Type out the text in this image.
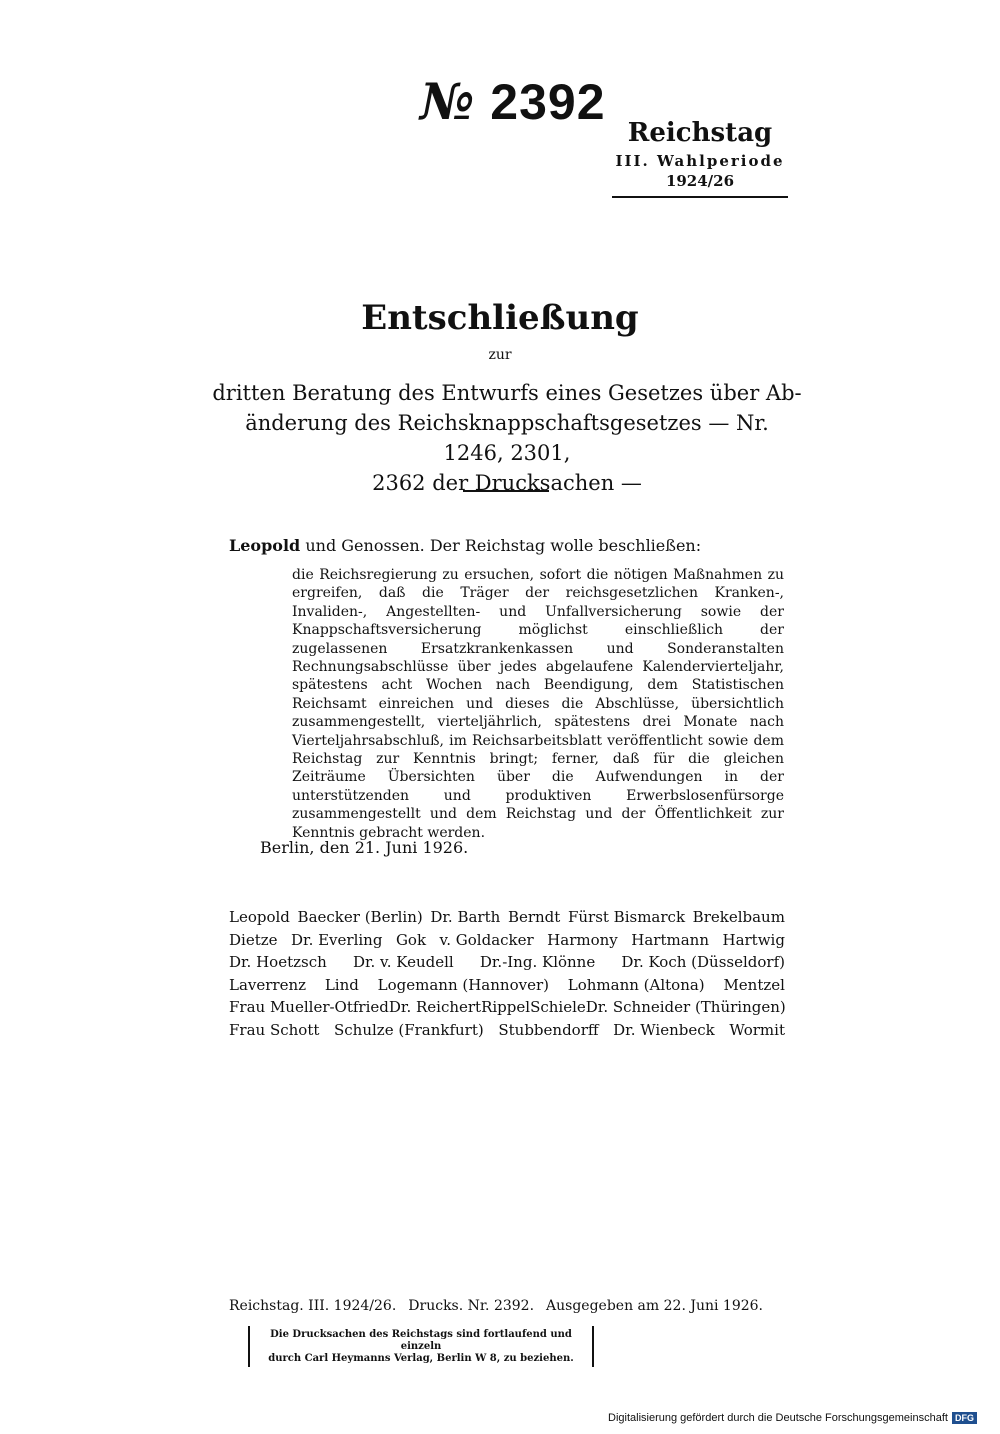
№ 2392
Reichstag
III. Wahlperiode
1924/26
Entschließung
zur
dritten Beratung des Entwurfs eines Gesetzes über Ab-
änderung des Reichsknappschaftsgesetzes — Nr. 1246, 2301,
2362 der Drucksachen —
Leopold und Genossen. Der Reichstag wolle beschließen:

die Reichsregierung zu ersuchen, sofort die nötigen Maßnahmen zu ergreifen, daß die Träger der reichsgesetzlichen Kranken-, Invaliden-, Angestellten- und Unfallversicherung sowie der Knappschaftsversicherung möglichst einschließlich der zugelassenen Ersatzkrankenkassen und Sonderanstalten Rechnungsabschlüsse über jedes abgelaufene Kalendervierteljahr, spätestens acht Wochen nach Beendigung, dem Statistischen Reichsamt einreichen und dieses die Abschlüsse, übersichtlich zusammengestellt, vierteljährlich, spätestens drei Monate nach Vierteljahrsabschluß, im Reichsarbeitsblatt veröffentlicht sowie dem Reichstag zur Kenntnis bringt; ferner, daß für die gleichen Zeiträume Übersichten über die Aufwendungen in der unterstützenden und produktiven Erwerbslosenfürsorge zusammengestellt und dem Reichstag und der Öffentlichkeit zur Kenntnis gebracht werden.

Berlin, den 21. Juni 1926.
Leopold Baecker (Berlin) Dr. Barth Berndt Fürst Bismarck Brekelbaum
Dietze Dr. Everling Gok v. Goldacker Harmony Hartmann Hartwig
Dr. Hoetzsch Dr. v. Keudell Dr.-Ing. Klönne Dr. Koch (Düsseldorf)
Laverrenz Lind Logemann (Hannover) Lohmann (Altona) Mentzel
Frau Mueller-Otfried Dr. Reichert Rippel Schiele Dr. Schneider (Thüringen)
Frau Schott Schulze (Frankfurt) Stubbendorff Dr. Wienbeck Wormit
Reichstag. III. 1924/26. Drucks. Nr. 2392. Ausgegeben am 22. Juni 1926.
Die Drucksachen des Reichstags sind fortlaufend und einzeln
durch Carl Heymanns Verlag, Berlin W 8, zu beziehen.
Digitalisierung gefördert durch die Deutsche Forschungsgemeinschaft DFG
